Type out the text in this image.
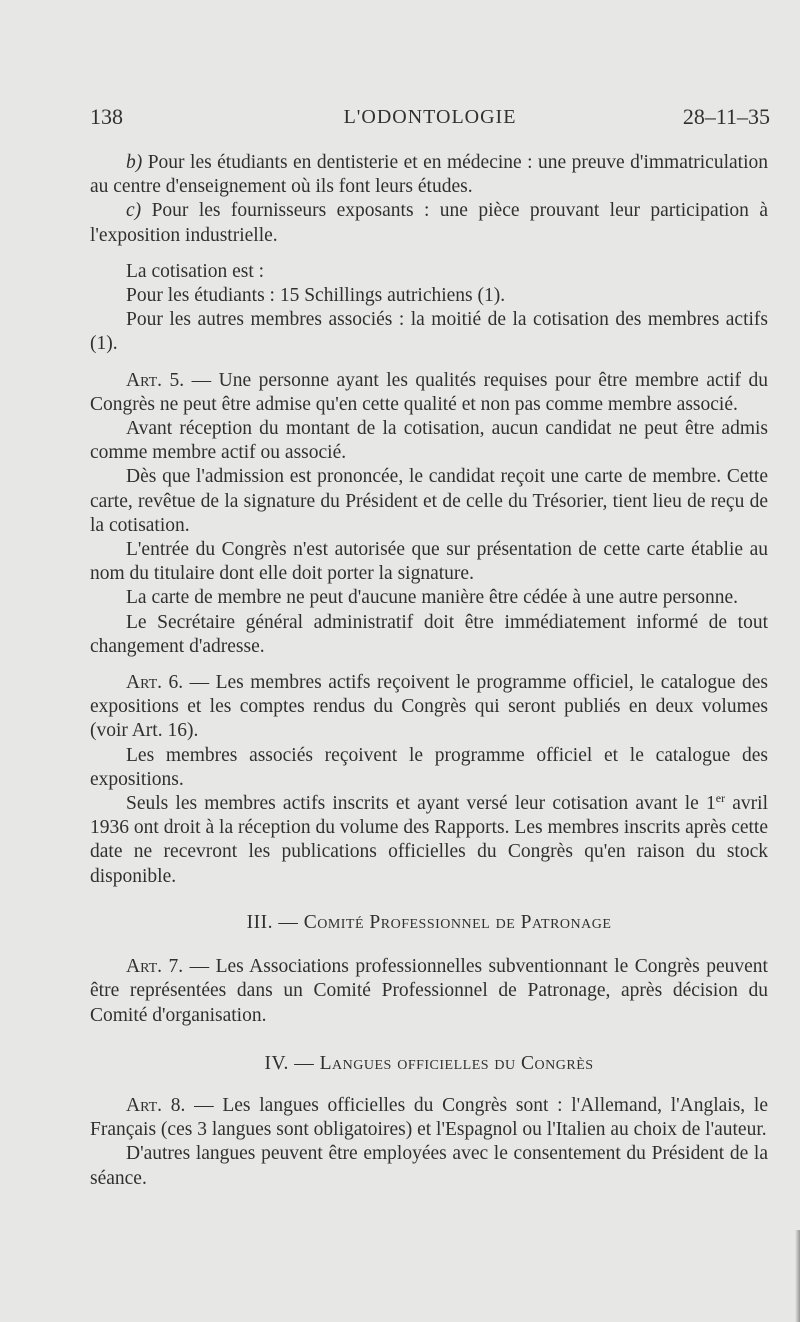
138	L'ODONTOLOGIE	28–11–35

b) Pour les étudiants en dentisterie et en médecine : une preuve d'immatriculation au centre d'enseignement où ils font leurs études.

c) Pour les fournisseurs exposants : une pièce prouvant leur participation à l'exposition industrielle.

La cotisation est :

Pour les étudiants : 15 Schillings autrichiens (1).

Pour les autres membres associés : la moitié de la cotisation des membres actifs (1).

Art. 5. — Une personne ayant les qualités requises pour être membre actif du Congrès ne peut être admise qu'en cette qualité et non pas comme membre associé.

Avant réception du montant de la cotisation, aucun candidat ne peut être admis comme membre actif ou associé.

Dès que l'admission est prononcée, le candidat reçoit une carte de membre. Cette carte, revêtue de la signature du Président et de celle du Trésorier, tient lieu de reçu de la cotisation.

L'entrée du Congrès n'est autorisée que sur présentation de cette carte établie au nom du titulaire dont elle doit porter la signature.

La carte de membre ne peut d'aucune manière être cédée à une autre personne.

Le Secrétaire général administratif doit être immédiatement informé de tout changement d'adresse.

Art. 6. — Les membres actifs reçoivent le programme officiel, le catalogue des expositions et les comptes rendus du Congrès qui seront publiés en deux volumes (voir Art. 16).

Les membres associés reçoivent le programme officiel et le catalogue des expositions.

Seuls les membres actifs inscrits et ayant versé leur cotisation avant le 1er avril 1936 ont droit à la réception du volume des Rapports. Les membres inscrits après cette date ne recevront les publications officielles du Congrès qu'en raison du stock disponible.

III. — Comité Professionnel de Patronage

Art. 7. — Les Associations professionnelles subventionnant le Congrès peuvent être représentées dans un Comité Professionnel de Patronage, après décision du Comité d'organisation.

IV. — Langues officielles du Congrès

Art. 8. — Les langues officielles du Congrès sont : l'Allemand, l'Anglais, le Français (ces 3 langues sont obligatoires) et l'Espagnol ou l'Italien au choix de l'auteur.

D'autres langues peuvent être employées avec le consentement du Président de la séance.
